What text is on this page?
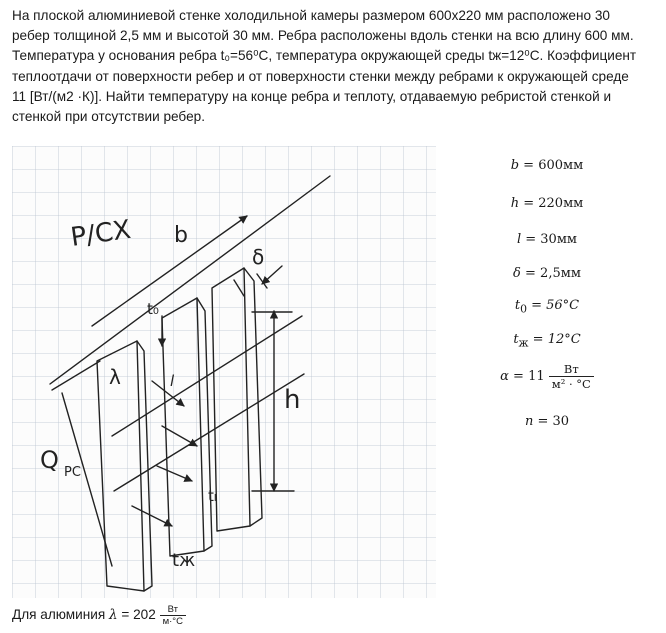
На плоской алюминиевой стенке холодильной камеры размером 600х220 мм расположено 30
ребер толщиной 2,5 мм и высотой 30 мм. Ребра расположены вдоль стенки на всю длину 600 мм.
Температура у основания ребра t₀=56⁰С, температура окружающей среды tж=12⁰С. Коэффициент
теплоотдачи от поверхности ребер и от поверхности стенки между ребрами к окружающей среде
11 [Вт/(м2 ·К)]. Найти температуру на конце ребра и теплоту, отдаваемую ребристой стенкой и
стенкой при отсутствии ребер.
P/CX b
δ
t₀
λ	l
h
tₗ
Q РС
tж
b = 600мм
h = 220мм
l = 30мм
δ = 2,5мм
$t_0 = 56^\circ C$
$t_ж = 12^\circ C$
$\alpha = 11 \frac{Вт}{\text{м² · °C}}$
n = 30
Для алюминия $\lambda = 202 \frac{Вт}{м\cdot^\circ C}$
